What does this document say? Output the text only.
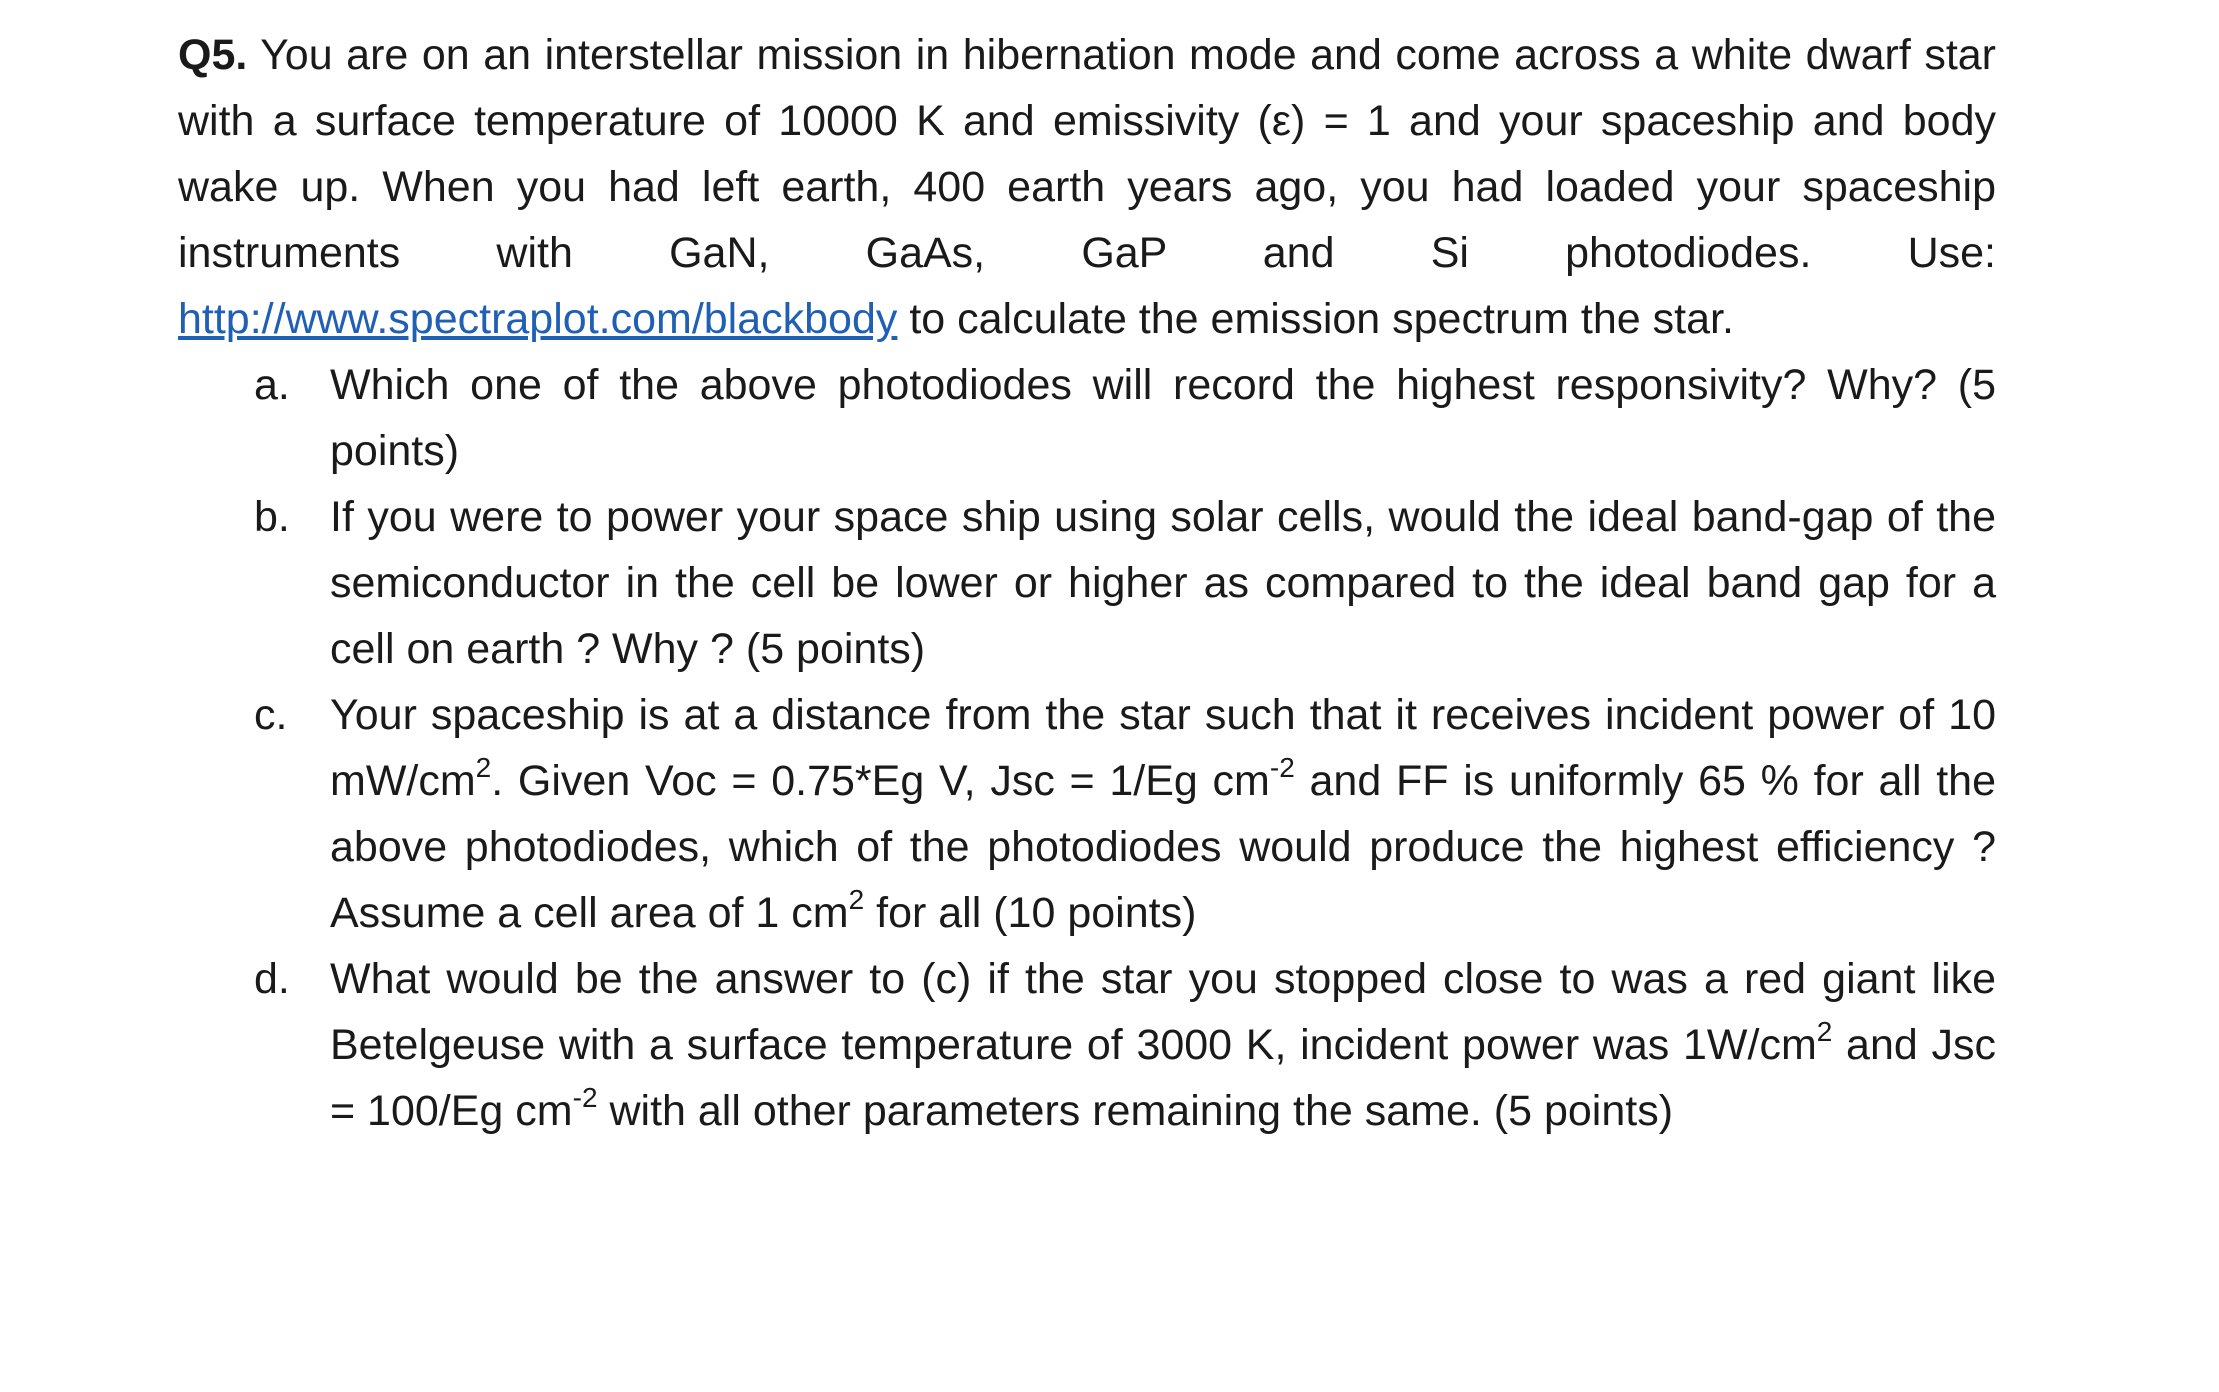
Q5. You are on an interstellar mission in hibernation mode and come across a white dwarf star with a surface temperature of 10000 K and emissivity (ε) = 1 and your spaceship and body wake up. When you had left earth, 400 earth years ago, you had loaded your spaceship instruments with GaN, GaAs, GaP and Si photodiodes. Use: http://www.spectraplot.com/blackbody to calculate the emission spectrum the star.

a. Which one of the above photodiodes will record the highest responsivity? Why? (5 points)
b. If you were to power your space ship using solar cells, would the ideal band-gap of the semiconductor in the cell be lower or higher as compared to the ideal band gap for a cell on earth ? Why ? (5 points)
c. Your spaceship is at a distance from the star such that it receives incident power of 10 $mW/cm^2$. Given Voc = 0.75*Eg V, Jsc = 1/Eg $cm^{-2}$ and FF is uniformly 65 % for all the above photodiodes, which of the photodiodes would produce the highest efficiency ? Assume a cell area of 1 $cm^2$ for all (10 points)
d. What would be the answer to (c) if the star you stopped close to was a red giant like Betelgeuse with a surface temperature of 3000 K, incident power was $1W/cm^2$ and Jsc = 100/Eg $cm^{-2}$ with all other parameters remaining the same. (5 points)
